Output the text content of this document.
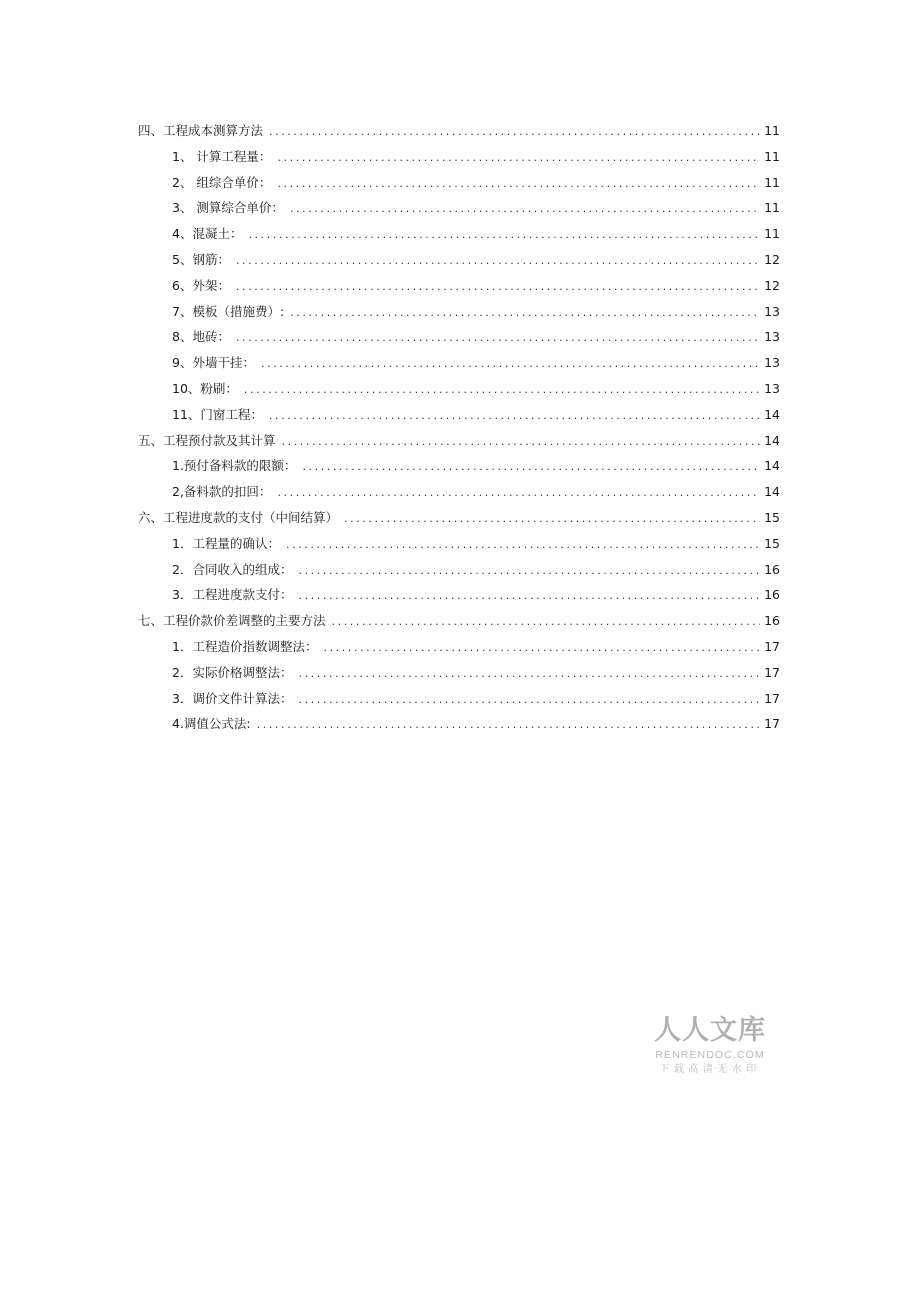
四、工程成本测算方法 .....	11
1、 计算工程量： .....	11
2、 组综合单价： .....	11
3、 测算综合单价： .....	11
4、混凝土： .....	11
5、钢筋： .....	12
6、外架： .....	12
7、模板（措施费）: .....	13
8、地砖： .....	13
9、外墙干挂： .....	13
10、粉刷： .....	13
11、门窗工程： .....	14
五、工程预付款及其计算 .....	14
1.预付备料款的限额： .....	14
2,备料款的扣回： .....	14
六、工程进度款的支付（中间结算） .....	15
1．工程量的确认： .....	15
2．合同收入的组成： .....	16
3．工程进度款支付： .....	16
七、工程价款价差调整的主要方法 .....	16
1．工程造价指数调整法： .....	17
2．实际价格调整法： .....	17
3．调价文件计算法： .....	17
4.调值公式法: .....	17
人人文库
RENRENDOC.COM
下载高清无水印
